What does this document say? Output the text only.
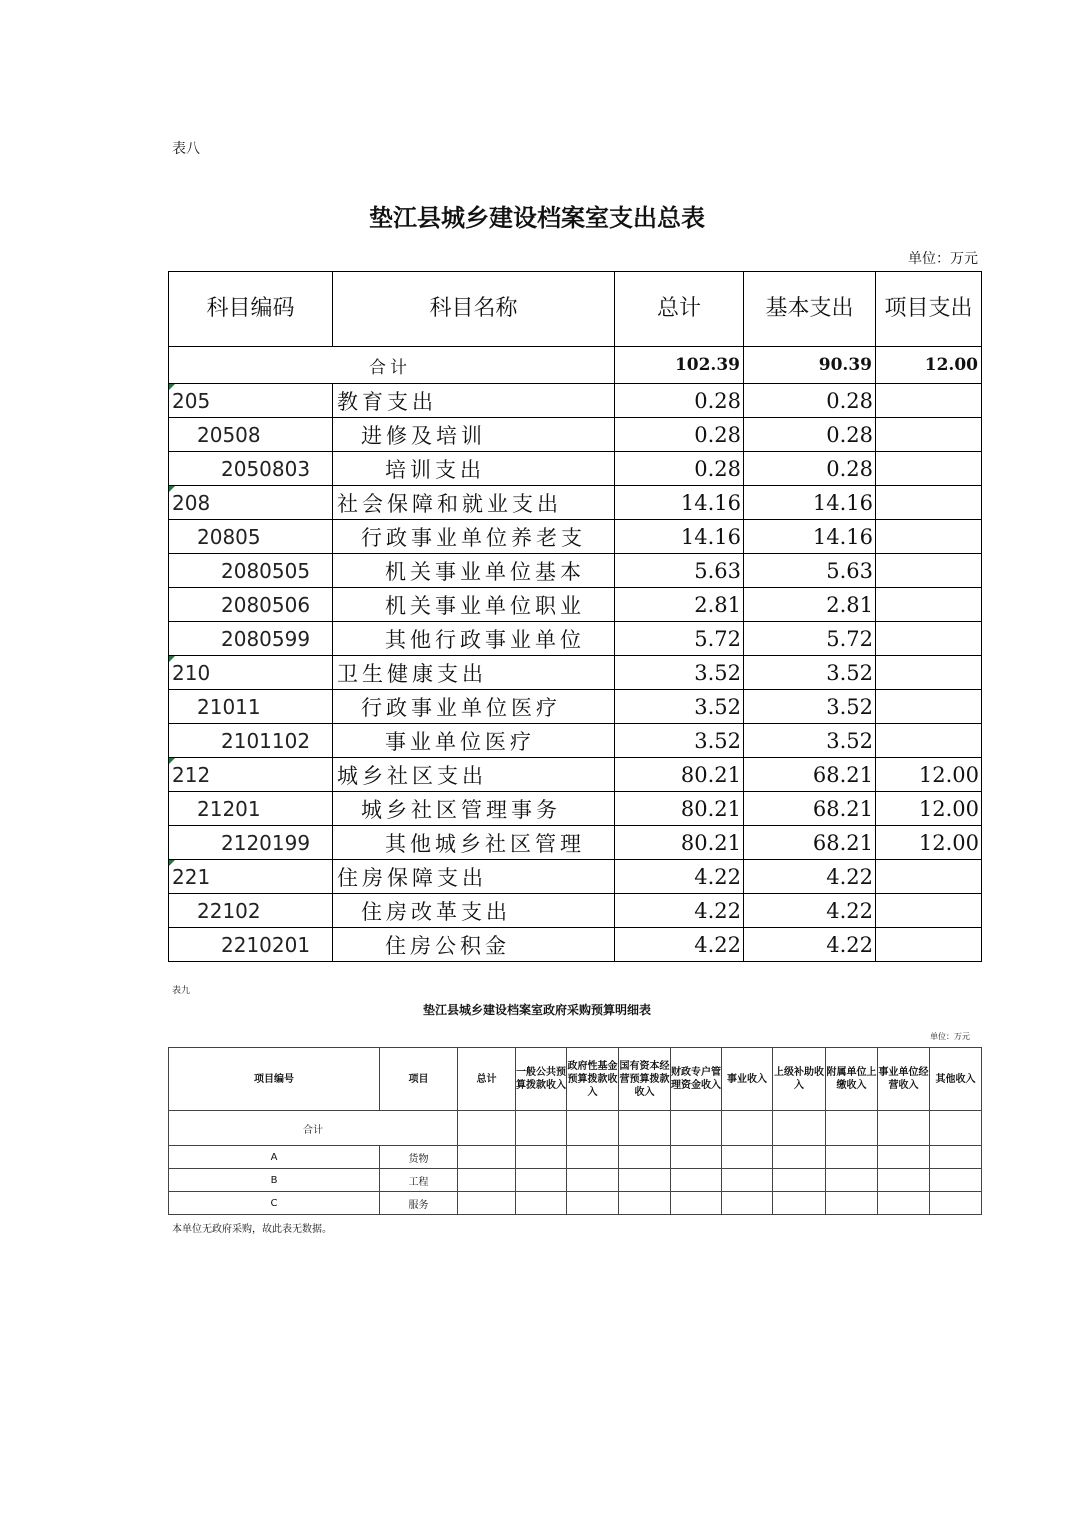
表八
垫江县城乡建设档案室支出总表
单位：万元
科目编码	科目名称	总计	基本支出	项目支出
合计		102.39	90.39	12.00
205	教育支出	0.28	0.28	
20508	进修及培训	0.28	0.28	
2050803	培训支出	0.28	0.28	
208	社会保障和就业支出	14.16	14.16	
20805	行政事业单位养老支	14.16	14.16	
2080505	机关事业单位基本	5.63	5.63	
2080506	机关事业单位职业	2.81	2.81	
2080599	其他行政事业单位	5.72	5.72	
210	卫生健康支出	3.52	3.52	
21011	行政事业单位医疗	3.52	3.52	
2101102	事业单位医疗	3.52	3.52	
212	城乡社区支出	80.21	68.21	12.00
21201	城乡社区管理事务	80.21	68.21	12.00
2120199	其他城乡社区管理	80.21	68.21	12.00
221	住房保障支出	4.22	4.22	
22102	住房改革支出	4.22	4.22	
2210201	住房公积金	4.22	4.22	
表九
垫江县城乡建设档案室政府采购预算明细表
单位：万元
项目编号	项目	总计	一般公共预算拨款收入	政府性基金预算拨款收入	国有资本经营预算拨款收入	财政专户管理资金收入	事业收入	上级补助收入	附属单位上缴收入	事业单位经营收入	其他收入
合计											
A	货物										
B	工程										
C	服务										
本单位无政府采购，故此表无数据。
